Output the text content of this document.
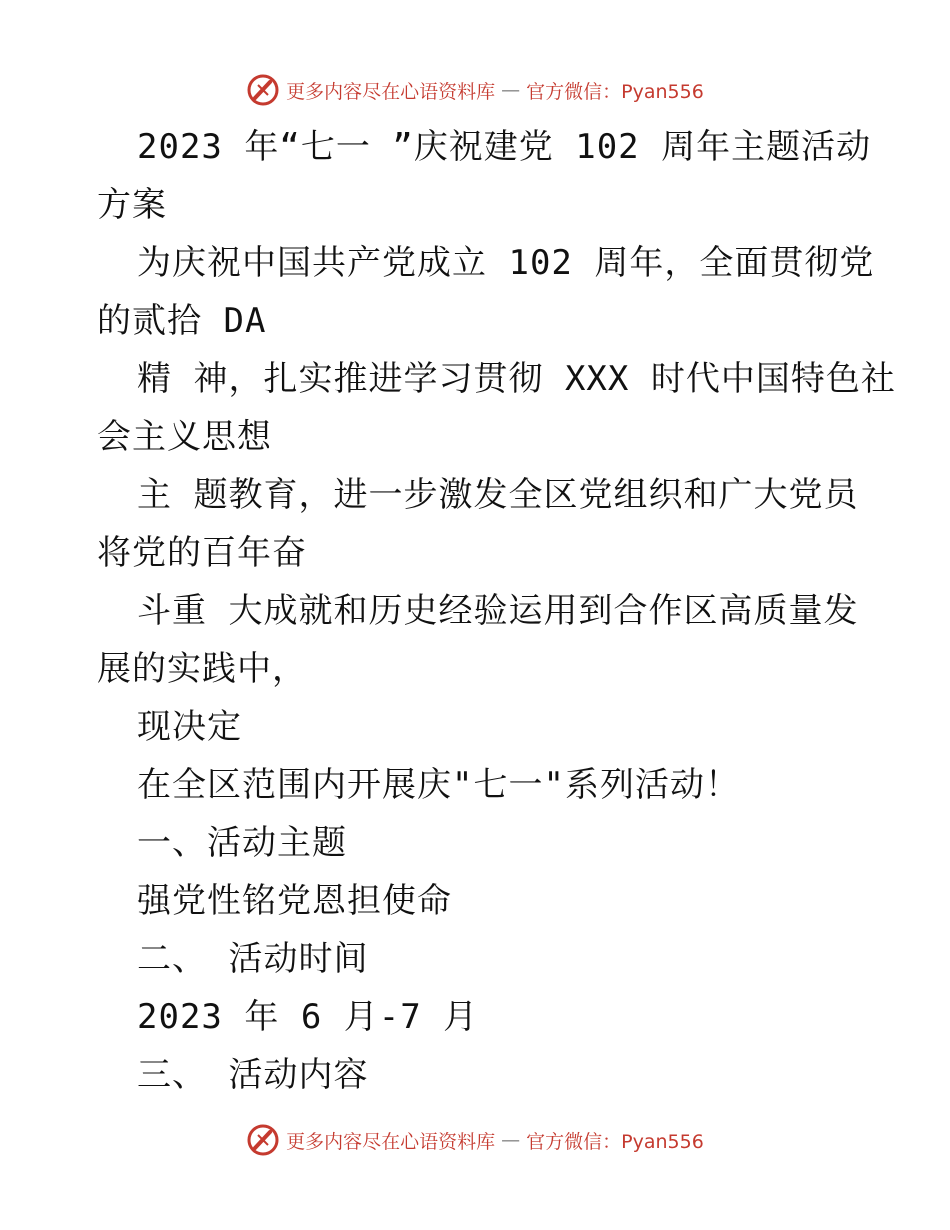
更多内容尽在心语资料库 — 官方微信：Pyan556
2023 年“七一 ”庆祝建党 102 周年主题活动
方案
为庆祝中国共产党成立 102 周年，全面贯彻党
的贰拾 DA
精 神，扎实推进学习贯彻 XXX 时代中国特色社
会主义思想
主 题教育，进一步激发全区党组织和广大党员
将党的百年奋
斗重 大成就和历史经验运用到合作区高质量发
展的实践中，
现决定
在全区范围内开展庆"七一"系列活动！
一、活动主题
强党性铭党恩担使命
二、 活动时间
2023 年 6 月-7 月
三、 活动内容
更多内容尽在心语资料库 — 官方微信：Pyan556
